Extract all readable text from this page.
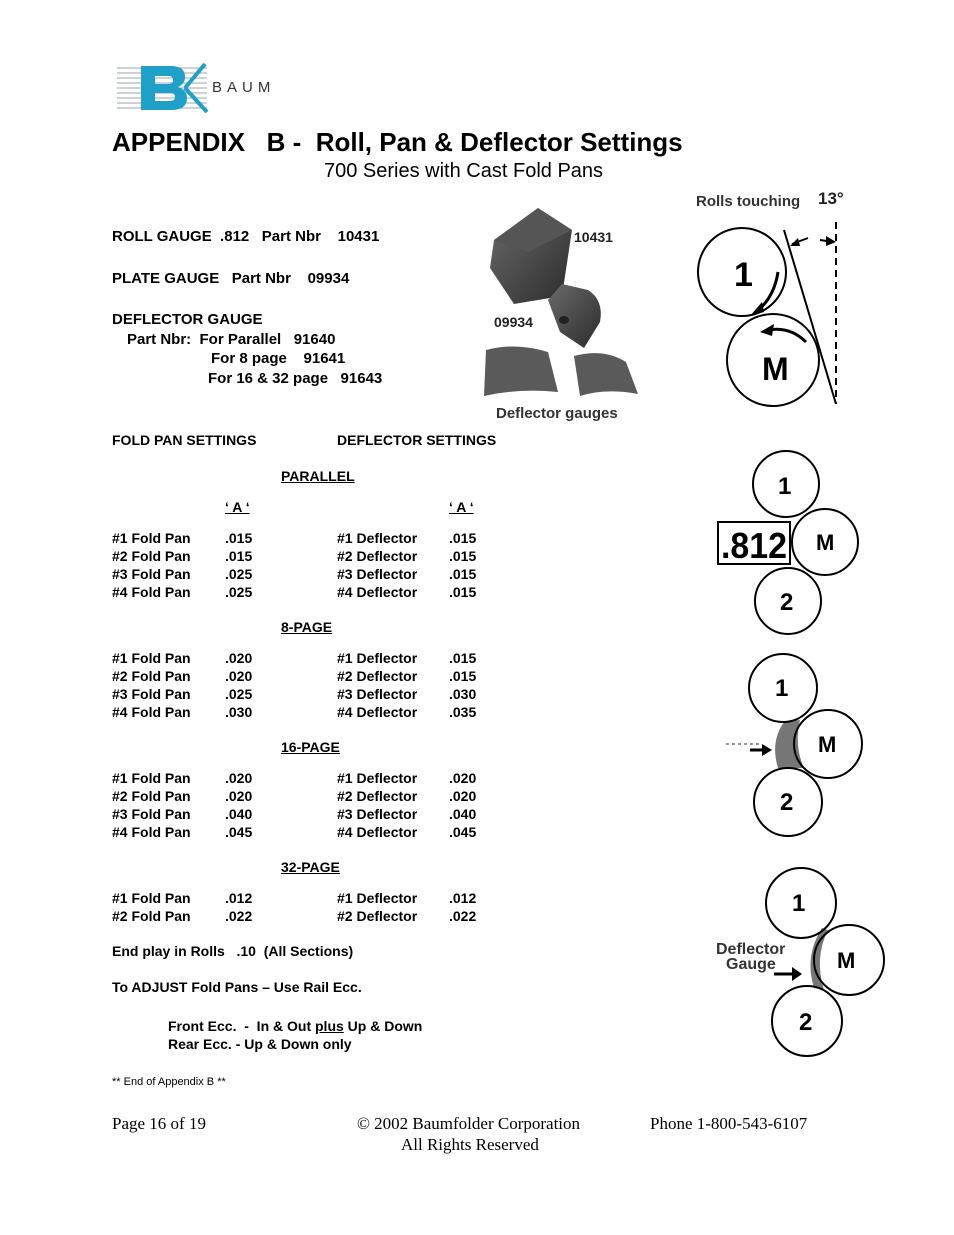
BAUM
APPENDIX   B -  Roll, Pan & Deflector Settings
700 Series with Cast Fold Pans
ROLL GAUGE  .812   Part Nbr    10431
PLATE GAUGE   Part Nbr    09934
DEFLECTOR GAUGE
Part Nbr:  For Parallel   91640
For 8 page    91641
For 16 & 32 page   91643
10431
09934
Deflector gauges
FOLD PAN SETTINGS	DEFLECTOR SETTINGS
PARALLEL
‘ A ‘	‘ A ‘
#1 Fold Pan	.015	#1 Deflector	.015
#2 Fold Pan	.015	#2 Deflector	.015
#3 Fold Pan	.025	#3 Deflector	.015
#4 Fold Pan	.025	#4 Deflector	.015
8-PAGE
#1 Fold Pan	.020	#1 Deflector	.015
#2 Fold Pan	.020	#2 Deflector	.015
#3 Fold Pan	.025	#3 Deflector	.030
#4 Fold Pan	.030	#4 Deflector	.035
16-PAGE
#1 Fold Pan	.020	#1 Deflector	.020
#2 Fold Pan	.020	#2 Deflector	.020
#3 Fold Pan	.040	#3 Deflector	.040
#4 Fold Pan	.045	#4 Deflector	.045
32-PAGE
#1 Fold Pan	.012	#1 Deflector	.012
#2 Fold Pan	.022	#2 Deflector	.022
End play in Rolls   .10  (All Sections)
To ADJUST Fold Pans – Use Rail Ecc.
Front Ecc.  -  In & Out plus Up & Down
Rear Ecc. - Up & Down only
** End of Appendix B **
Rolls touching 13°
1
M
.812
1
M
2
1
M
2
Deflector
Gauge
1
M
2
Page 16 of 19	© 2002 Baumfolder Corporation
All Rights Reserved
Phone 1-800-543-6107
